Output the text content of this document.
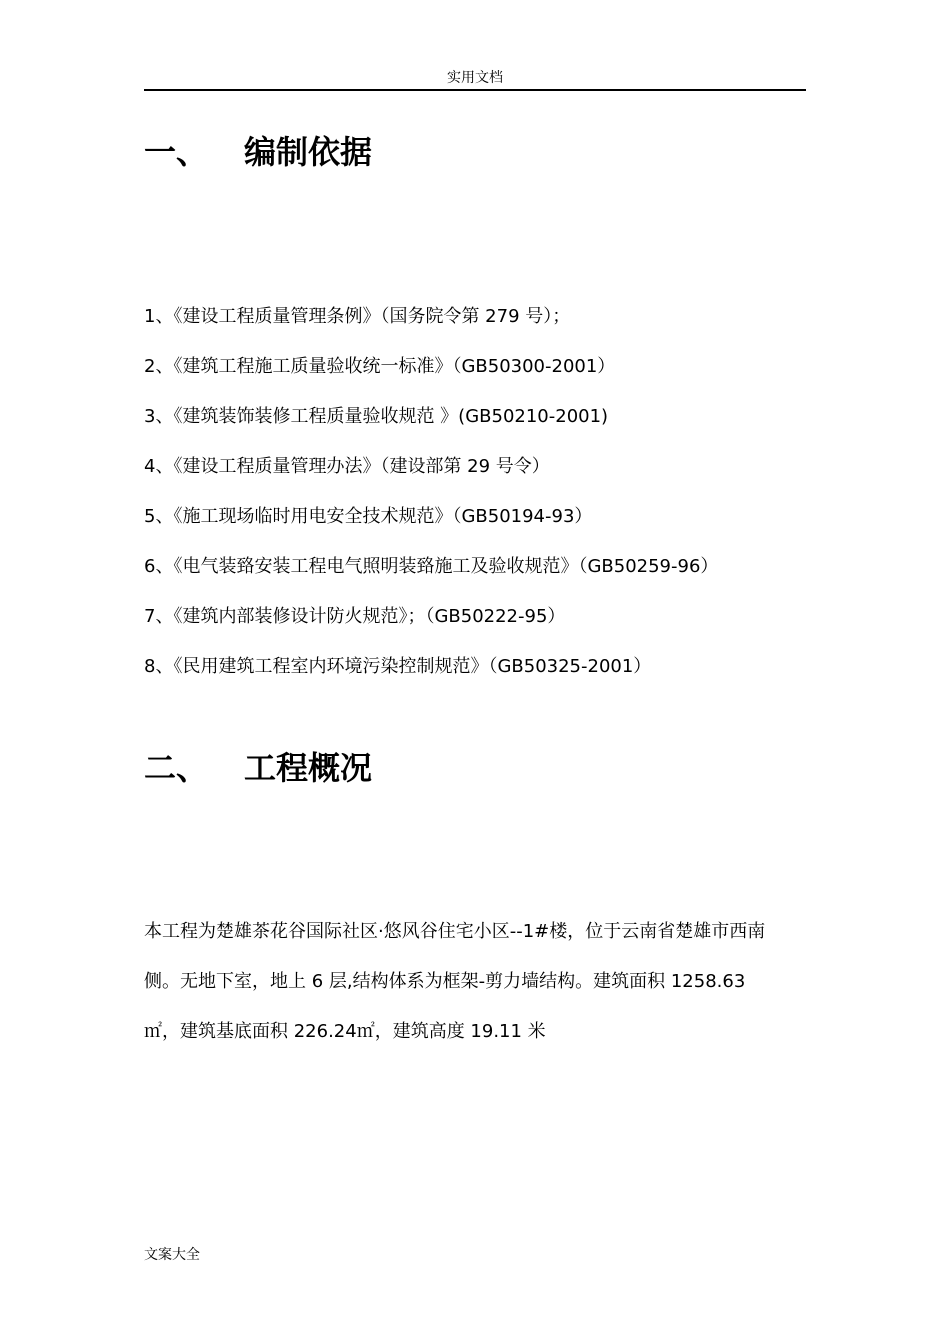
实用文档
一、 编制依据
1、《建设工程质量管理条例》（国务院令第 279 号）；
2、《建筑工程施工质量验收统一标准》（GB50300-2001）
3、《建筑装饰装修工程质量验收规范 》(GB50210-2001)
4、《建设工程质量管理办法》（建设部第 29 号令）
5、《施工现场临时用电安全技术规范》（GB50194-93）
6、《电气装臵安装工程电气照明装臵施工及验收规范》（GB50259-96）
7、《建筑内部装修设计防火规范》；（GB50222-95）
8、《民用建筑工程室内环境污染控制规范》（GB50325-2001）
二、 工程概况
本工程为楚雄茶花谷国际社区·悠风谷住宅小区--1#楼，位于云南省楚雄市西南
侧。无地下室，地上 6 层,结构体系为框架-剪力墙结构。建筑面积 1258.63
㎡，建筑基底面积 226.24㎡，建筑高度 19.11 米
文案大全
